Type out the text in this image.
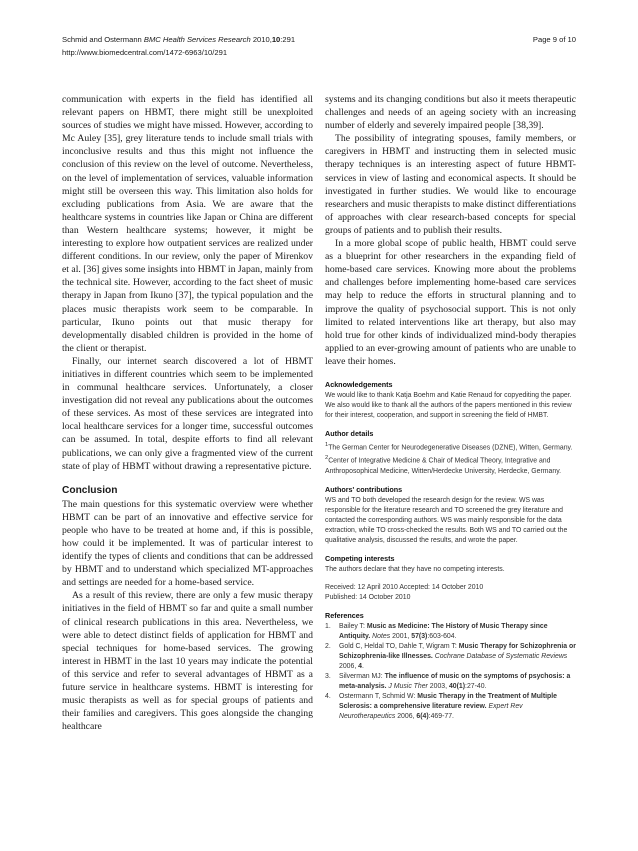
Schmid and Ostermann BMC Health Services Research 2010,10:291
http://www.biomedcentral.com/1472-6963/10/291
Page 9 of 10

communication with experts in the field has identified all relevant papers on HBMT, there might still be unexploited sources of studies we might have missed. However, according to Mc Auley [35], grey literature tends to include small trials with inconclusive results and thus this might not influence the conclusion of this review on the level of outcome. Nevertheless, on the level of implementation of services, valuable information might still be overseen this way. This limitation also holds for excluding publications from Asia. We are aware that the healthcare systems in countries like Japan or China are different than Western healthcare systems; however, it might be interesting to explore how outpatient services are realized under different conditions. In our review, only the paper of Mirenkov et al. [36] gives some insights into HBMT in Japan, mainly from the technical site. However, according to the fact sheet of music therapy in Japan from Ikuno [37], the typical population and the places music therapists work seem to be comparable. In particular, Ikuno points out that music therapy for developmentally disabled children is provided in the home of the client or therapist.

Finally, our internet search discovered a lot of HBMT initiatives in different countries which seem to be implemented in communal healthcare services. Unfortunately, a closer investigation did not reveal any publications about the outcomes of these services. As most of these services are integrated into local healthcare services for a longer time, successful outcomes can be assumed. In total, despite efforts to find all relevant publications, we can only give a fragmented view of the current state of play of HBMT without drawing a representative picture.

Conclusion

The main questions for this systematic overview were whether HBMT can be part of an innovative and effective service for people who have to be treated at home and, if this is possible, how could it be implemented. It was of particular interest to identify the types of clients and conditions that can be addressed by HBMT and to understand which specialized MT-approaches and settings are needed for a home-based service.

As a result of this review, there are only a few music therapy initiatives in the field of HBMT so far and quite a small number of clinical research publications in this area. Nevertheless, we were able to detect distinct fields of application for HBMT and special techniques for home-based services. The growing interest in HBMT in the last 10 years may indicate the potential of this service and refer to several advantages of HBMT as a future service in healthcare systems. HBMT is interesting for music therapists as well as for special groups of patients and their families and caregivers. This goes alongside the changing healthcare

systems and its changing conditions but also it meets therapeutic challenges and needs of an ageing society with an increasing number of elderly and severely impaired people [38,39].

The possibility of integrating spouses, family members, or caregivers in HBMT and instructing them in selected music therapy techniques is an interesting aspect of future HBMT-services in view of lasting and economical aspects. It should be investigated in further studies. We would like to encourage researchers and music therapists to make distinct differentiations of approaches with clear research-based concepts for special groups of patients and to publish their results.

In a more global scope of public health, HBMT could serve as a blueprint for other researchers in the expanding field of home-based care services. Knowing more about the problems and challenges before implementing home-based care services may help to reduce the efforts in structural planning and to improve the quality of psychosocial support. This is not only limited to related interventions like art therapy, but also may hold true for other kinds of individualized mind-body therapies applied to an ever-growing amount of patients who are unable to leave their homes.

Acknowledgements

We would like to thank Katja Boehm and Katie Renaud for copyediting the paper. We also would like to thank all the authors of the papers mentioned in this review for their interest, cooperation, and support in screening the field of HMBT.

Author details

$^1$The German Center for Neurodegenerative Diseases (DZNE), Witten, Germany. $^2$Center of Integrative Medicine & Chair of Medical Theory, Integrative and Anthroposophical Medicine, Witten/Herdecke University, Herdecke, Germany.

Authors' contributions

WS and TO both developed the research design for the review. WS was responsible for the literature research and TO screened the grey literature and contacted the corresponding authors. WS was mainly responsible for the data extraction, while TO cross-checked the results. Both WS and TO carried out the qualitative analysis, discussed the results, and wrote the paper.

Competing interests

The authors declare that they have no competing interests.

Received: 12 April 2010 Accepted: 14 October 2010

Published: 14 October 2010

References
1.	Bailey T: Music as Medicine: The History of Music Therapy since Antiquity. Notes 2001, 57(3):603-604.
2.	Gold C, Heldal TO, Dahle T, Wigram T: Music Therapy for Schizophrenia or Schizophrenia-like Illnesses. Cochrane Database of Systematic Reviews 2006, 4.
3.	Silverman MJ: The influence of music on the symptoms of psychosis: a meta-analysis. J Music Ther 2003, 40(1):27-40.
4.	Ostermann T, Schmid W: Music Therapy in the Treatment of Multiple Sclerosis: a comprehensive literature review. Expert Rev Neurotherapeutics 2006, 6(4):469-77.
